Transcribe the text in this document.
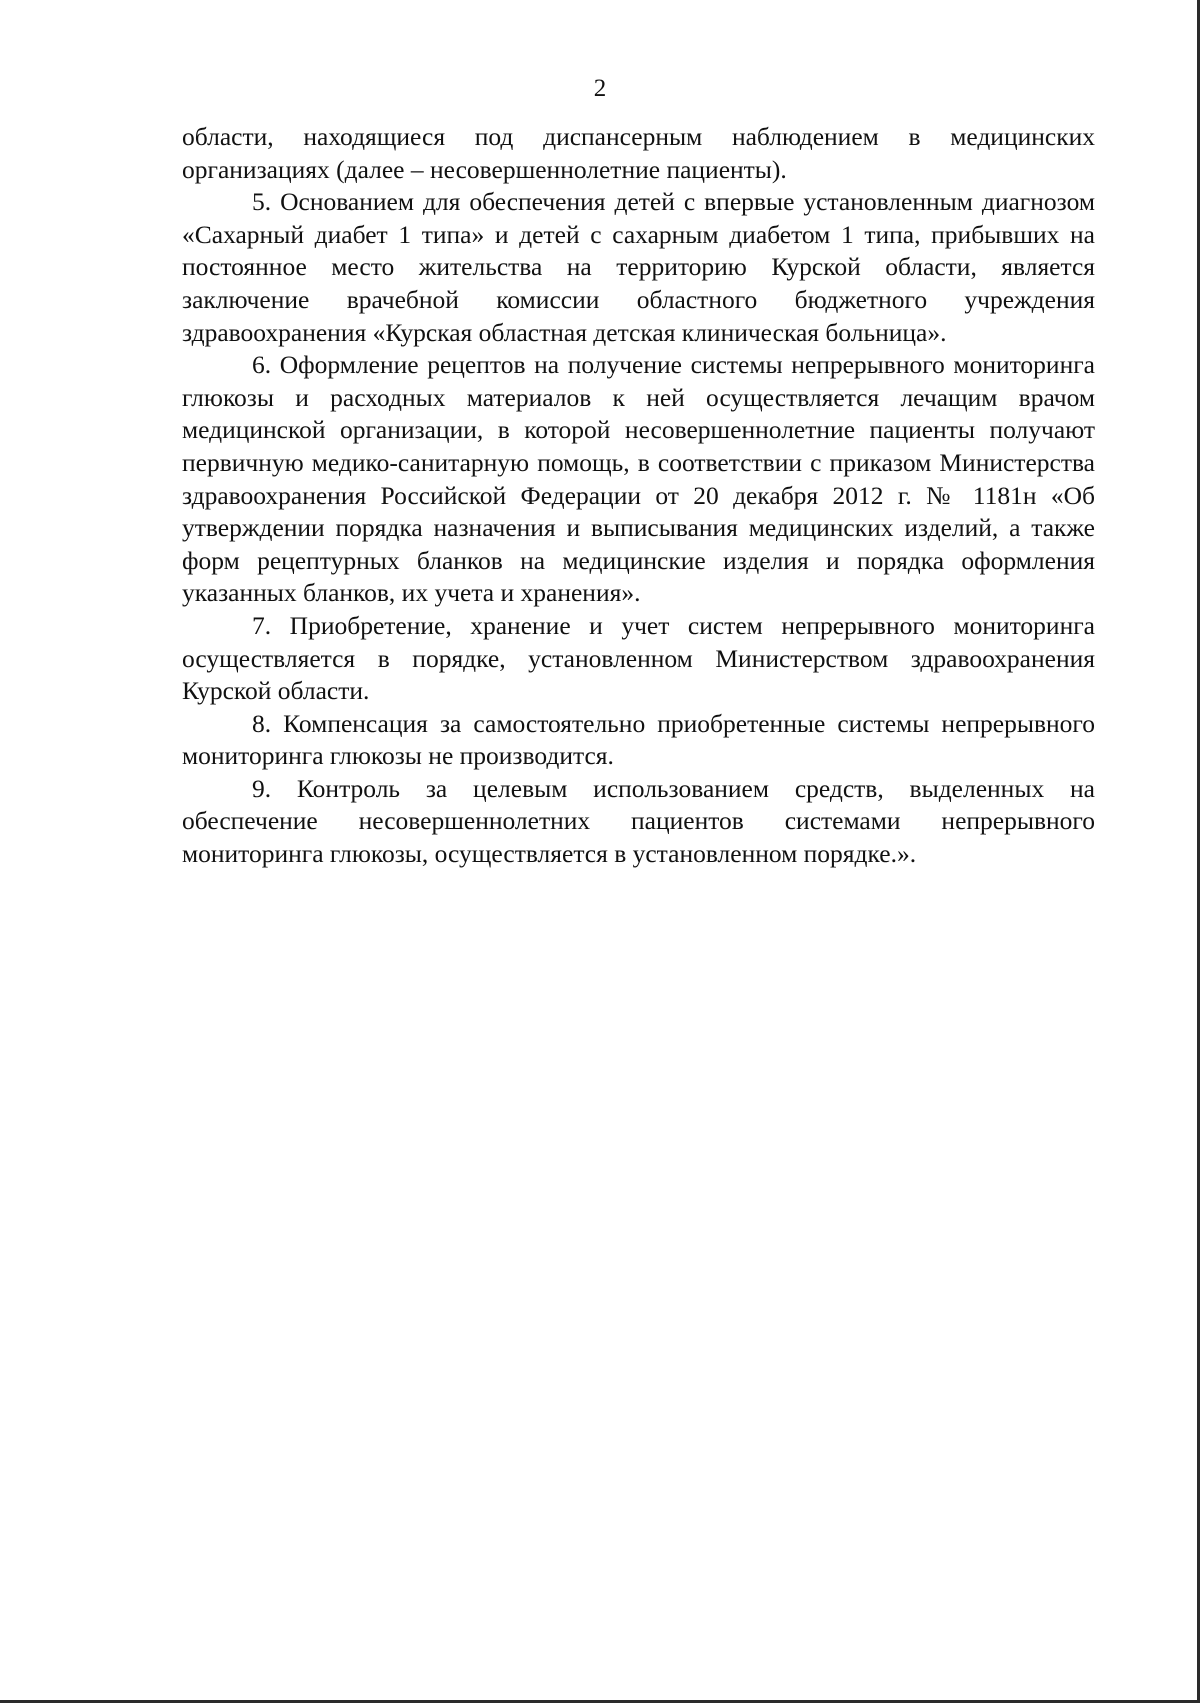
2

области, находящиеся под диспансерным наблюдением в медицинских организациях (далее – несовершеннолетние пациенты).

5. Основанием для обеспечения детей с впервые установленным диагнозом «Сахарный диабет 1 типа» и детей с сахарным диабетом 1 типа, прибывших на постоянное место жительства на территорию Курской области, является заключение врачебной комиссии областного бюджетного учреждения здравоохранения «Курская областная детская клиническая больница».

6. Оформление рецептов на получение системы непрерывного мониторинга глюкозы и расходных материалов к ней осуществляется лечащим врачом медицинской организации, в которой несовершеннолетние пациенты получают первичную медико-санитарную помощь, в соответствии с приказом Министерства здравоохранения Российской Федерации от 20 декабря 2012 г. № 1181н «Об утверждении порядка назначения и выписывания медицинских изделий, а также форм рецептурных бланков на медицинские изделия и порядка оформления указанных бланков, их учета и хранения».

7. Приобретение, хранение и учет систем непрерывного мониторинга осуществляется в порядке, установленном Министерством здравоохранения Курской области.

8. Компенсация за самостоятельно приобретенные системы непрерывного мониторинга глюкозы не производится.

9. Контроль за целевым использованием средств, выделенных на обеспечение несовершеннолетних пациентов системами непрерывного мониторинга глюкозы, осуществляется в установленном порядке.».
